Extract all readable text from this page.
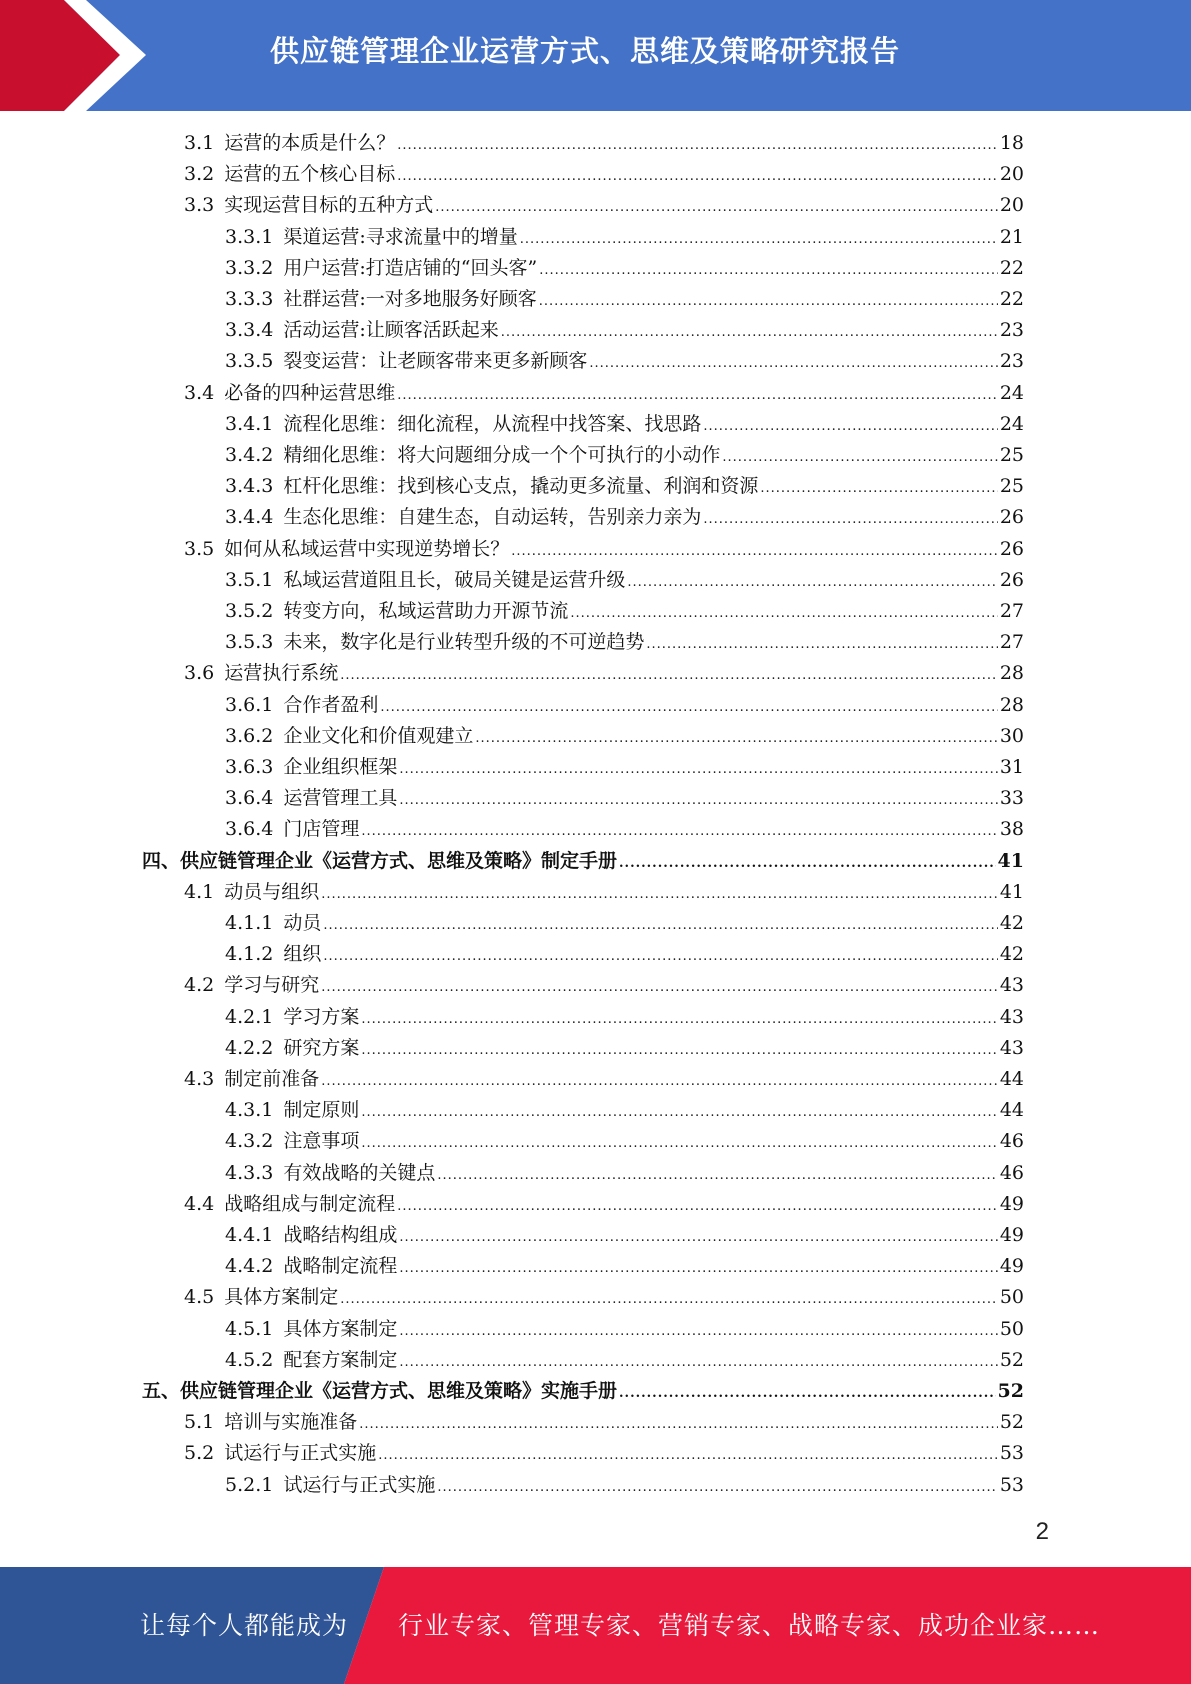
供应链管理企业运营方式、思维及策略研究报告
3.1 运营的本质是什么？ .....	18
3.2 运营的五个核心目标 .....	20
3.3 实现运营目标的五种方式 .....	20
3.3.1 渠道运营:寻求流量中的增量 .....	21
3.3.2 用户运营:打造店铺的“回头客” .....	22
3.3.3 社群运营:一对多地服务好顾客 .....	22
3.3.4 活动运营:让顾客活跃起来 .....	23
3.3.5 裂变运营：让老顾客带来更多新顾客 .....	23
3.4 必备的四种运营思维 .....	24
3.4.1 流程化思维：细化流程，从流程中找答案、找思路 .....	24
3.4.2 精细化思维：将大问题细分成一个个可执行的小动作 .....	25
3.4.3 杠杆化思维：找到核心支点，撬动更多流量、利润和资源 .....	25
3.4.4 生态化思维：自建生态，自动运转，告别亲力亲为 .....	26
3.5 如何从私域运营中实现逆势增长？ .....	26
3.5.1 私域运营道阻且长，破局关键是运营升级 .....	26
3.5.2 转变方向，私域运营助力开源节流 .....	27
3.5.3 未来，数字化是行业转型升级的不可逆趋势 .....	27
3.6 运营执行系统 .....	28
3.6.1 合作者盈利 .....	28
3.6.2 企业文化和价值观建立 .....	30
3.6.3 企业组织框架 .....	31
3.6.4 运营管理工具 .....	33
3.6.4 门店管理 .....	38
四、 供应链管理企业《运营方式、思维及策略》制定手册 .....	41
4.1 动员与组织 .....	41
4.1.1 动员 .....	42
4.1.2 组织 .....	42
4.2 学习与研究 .....	43
4.2.1 学习方案 .....	43
4.2.2 研究方案 .....	43
4.3 制定前准备 .....	44
4.3.1 制定原则 .....	44
4.3.2 注意事项 .....	46
4.3.3 有效战略的关键点 .....	46
4.4 战略组成与制定流程 .....	49
4.4.1 战略结构组成 .....	49
4.4.2 战略制定流程 .....	49
4.5 具体方案制定 .....	50
4.5.1 具体方案制定 .....	50
4.5.2 配套方案制定 .....	52
五、 供应链管理企业《运营方式、思维及策略》实施手册 .....	52
5.1 培训与实施准备 .....	52
5.2 试运行与正式实施 .....	53
5.2.1 试运行与正式实施 .....	53
2
让每个人都能成为 行业专家、管理专家、营销专家、战略专家、成功企业家……
